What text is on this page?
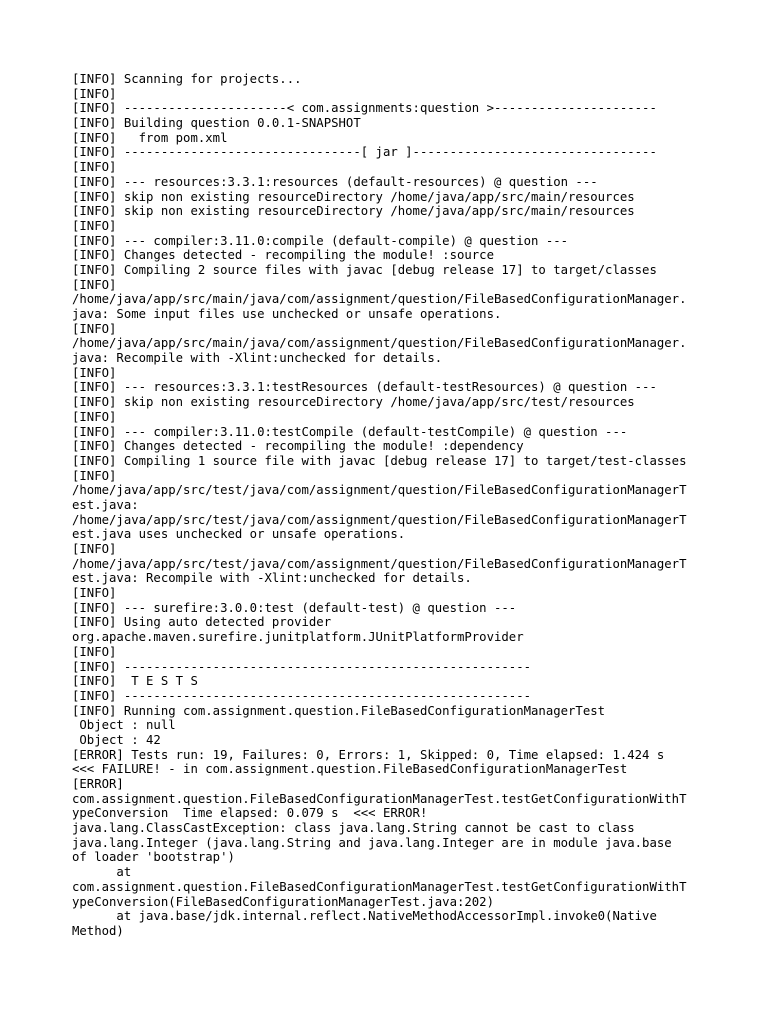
[INFO] Scanning for projects...
[INFO]
[INFO] ----------------------< com.assignments:question >----------------------
[INFO] Building question 0.0.1-SNAPSHOT
[INFO]   from pom.xml
[INFO] --------------------------------[ jar ]---------------------------------
[INFO]
[INFO] --- resources:3.3.1:resources (default-resources) @ question ---
[INFO] skip non existing resourceDirectory /home/java/app/src/main/resources
[INFO] skip non existing resourceDirectory /home/java/app/src/main/resources
[INFO]
[INFO] --- compiler:3.11.0:compile (default-compile) @ question ---
[INFO] Changes detected - recompiling the module! :source
[INFO] Compiling 2 source files with javac [debug release 17] to target/classes
[INFO]
/home/java/app/src/main/java/com/assignment/question/FileBasedConfigurationManager.
java: Some input files use unchecked or unsafe operations.
[INFO]
/home/java/app/src/main/java/com/assignment/question/FileBasedConfigurationManager.
java: Recompile with -Xlint:unchecked for details.
[INFO]
[INFO] --- resources:3.3.1:testResources (default-testResources) @ question ---
[INFO] skip non existing resourceDirectory /home/java/app/src/test/resources
[INFO]
[INFO] --- compiler:3.11.0:testCompile (default-testCompile) @ question ---
[INFO] Changes detected - recompiling the module! :dependency
[INFO] Compiling 1 source file with javac [debug release 17] to target/test-classes
[INFO]
/home/java/app/src/test/java/com/assignment/question/FileBasedConfigurationManagerT
est.java:
/home/java/app/src/test/java/com/assignment/question/FileBasedConfigurationManagerT
est.java uses unchecked or unsafe operations.
[INFO]
/home/java/app/src/test/java/com/assignment/question/FileBasedConfigurationManagerT
est.java: Recompile with -Xlint:unchecked for details.
[INFO]
[INFO] --- surefire:3.0.0:test (default-test) @ question ---
[INFO] Using auto detected provider
org.apache.maven.surefire.junitplatform.JUnitPlatformProvider
[INFO]
[INFO] -------------------------------------------------------
[INFO]  T E S T S
[INFO] -------------------------------------------------------
[INFO] Running com.assignment.question.FileBasedConfigurationManagerTest
Object : null
Object : 42
[ERROR] Tests run: 19, Failures: 0, Errors: 1, Skipped: 0, Time elapsed: 1.424 s
<<< FAILURE! - in com.assignment.question.FileBasedConfigurationManagerTest
[ERROR]
com.assignment.question.FileBasedConfigurationManagerTest.testGetConfigurationWithT
ypeConversion  Time elapsed: 0.079 s  <<< ERROR!
java.lang.ClassCastException: class java.lang.String cannot be cast to class
java.lang.Integer (java.lang.String and java.lang.Integer are in module java.base
of loader 'bootstrap')
at
com.assignment.question.FileBasedConfigurationManagerTest.testGetConfigurationWithT
ypeConversion(FileBasedConfigurationManagerTest.java:202)
at java.base/jdk.internal.reflect.NativeMethodAccessorImpl.invoke0(Native
Method)
